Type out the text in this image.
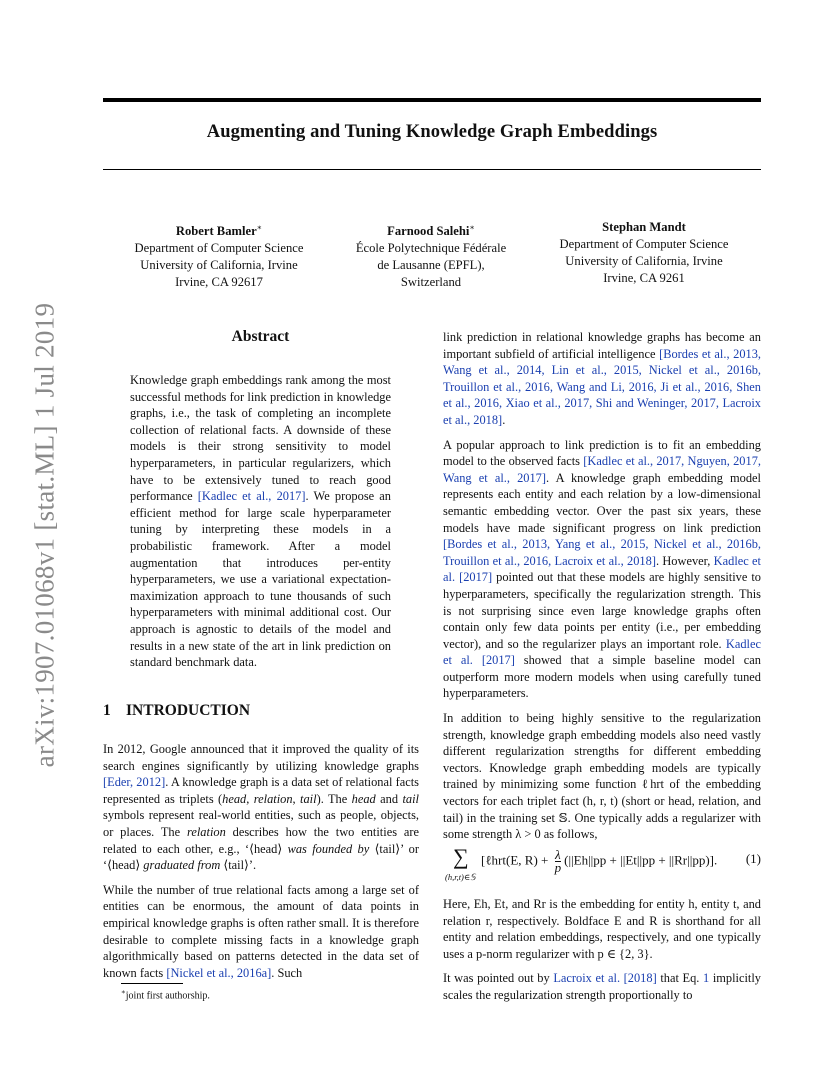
arXiv:1907.01068v1 [stat.ML] 1 Jul 2019
Augmenting and Tuning Knowledge Graph Embeddings
Robert Bamler∗
Department of Computer Science
University of California, Irvine
Irvine, CA 92617
Farnood Salehi∗
École Polytechnique Fédérale
de Lausanne (EPFL),
Switzerland
Stephan Mandt
Department of Computer Science
University of California, Irvine
Irvine, CA 9261
Abstract
Knowledge graph embeddings rank among the most successful methods for link prediction in knowledge graphs, i.e., the task of completing an incomplete collection of relational facts. A downside of these models is their strong sensitivity to model hyperparameters, in particular regularizers, which have to be extensively tuned to reach good performance [Kadlec et al., 2017]. We propose an efficient method for large scale hyperparameter tuning by interpreting these models in a probabilistic framework. After a model augmentation that introduces per-entity hyperparameters, we use a variational expectation-maximization approach to tune thousands of such hyperparameters with minimal additional cost. Our approach is agnostic to details of the model and results in a new state of the art in link prediction on standard benchmark data.
1 INTRODUCTION

In 2012, Google announced that it improved the quality of its search engines significantly by utilizing knowledge graphs [Eder, 2012]. A knowledge graph is a data set of relational facts represented as triplets (head, relation, tail). The head and tail symbols represent real-world entities, such as people, objects, or places. The relation describes how the two entities are related to each other, e.g., ‘⟨head⟩ was founded by ⟨tail⟩’ or ‘⟨head⟩ graduated from ⟨tail⟩’.

While the number of true relational facts among a large set of entities can be enormous, the amount of data points in empirical knowledge graphs is often rather small. It is therefore desirable to complete missing facts in a knowledge graph algorithmically based on patterns detected in the data set of known facts [Nickel et al., 2016a]. Such

link prediction in relational knowledge graphs has become an important subfield of artificial intelligence [Bordes et al., 2013, Wang et al., 2014, Lin et al., 2015, Nickel et al., 2016b, Trouillon et al., 2016, Wang and Li, 2016, Ji et al., 2016, Shen et al., 2016, Xiao et al., 2017, Shi and Weninger, 2017, Lacroix et al., 2018].

A popular approach to link prediction is to fit an embedding model to the observed facts [Kadlec et al., 2017, Nguyen, 2017, Wang et al., 2017]. A knowledge graph embedding model represents each entity and each relation by a low-dimensional semantic embedding vector. Over the past six years, these models have made significant progress on link prediction [Bordes et al., 2013, Yang et al., 2015, Nickel et al., 2016b, Trouillon et al., 2016, Lacroix et al., 2018]. However, Kadlec et al. [2017] pointed out that these models are highly sensitive to hyperparameters, specifically the regularization strength. This is not surprising since even large knowledge graphs often contain only few data points per entity (i.e., per embedding vector), and so the regularizer plays an important role. Kadlec et al. [2017] showed that a simple baseline model can outperform more modern models when using carefully tuned hyperparameters.

In addition to being highly sensitive to the regularization strength, knowledge graph embedding models also need vastly different regularization strengths for different embedding vectors. Knowledge graph embedding models are typically trained by minimizing some function ℓhrt of the embedding vectors for each triplet fact (h, r, t) (short or head, relation, and tail) in the training set 𝕊. One typically adds a regularizer with some strength λ > 0 as follows,

∑
(h,r,t)∈𝕊
[ℓhrt(E, $R) + \frac{\lambda}{p} (||Eh||pp + ||Et||pp + ||Rr||pp)$]. (1)

Here, Eh, Et, and Rr is the embedding for entity h, entity t, and relation r, respectively. Boldface E and R is shorthand for all entity and relation embeddings, respectively, and one typically uses a p-norm regularizer with p ∈ {2, 3}.

It was pointed out by Lacroix et al. [2018] that Eq. 1 implicitly scales the regularization strength proportionally to

∗joint first authorship.
